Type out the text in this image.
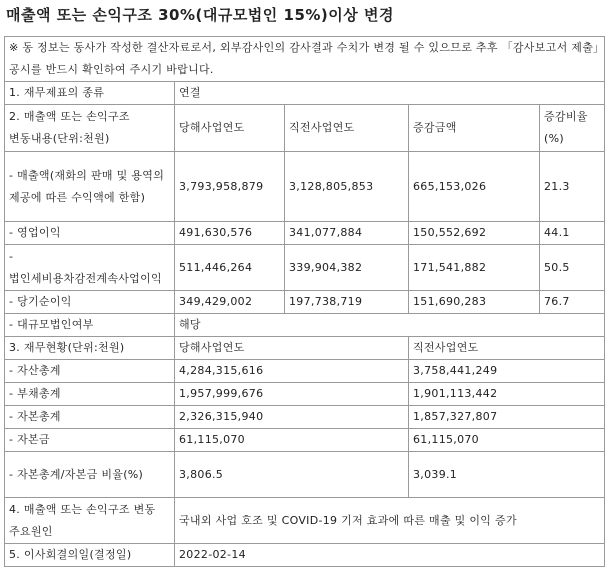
매출액 또는 손익구조 30%(대규모법인 15%)이상 변경
※ 동 정보는 동사가 작성한 결산자료로서, 외부감사인의 감사결과 수치가 변경 될 수 있으므로 추후 「감사보고서 제출」공시를 반드시 확인하여 주시기 바랍니다.				
1. 재무제표의 종류	연결			
2. 매출액 또는 손익구조 변동내용(단위:천원)	당해사업연도	직전사업연도	증감금액	증감비율(%)
- 매출액(재화의 판매 및 용역의 제공에 따른 수익액에 한함)	3,793,958,879	3,128,805,853	665,153,026	21.3
- 영업이익	491,630,576	341,077,884	150,552,692	44.1
- 법인세비용차감전계속사업이익	511,446,264	339,904,382	171,541,882	50.5
- 당기순이익	349,429,002	197,738,719	151,690,283	76.7
- 대규모법인여부	해당			
3. 재무현황(단위:천원)	당해사업연도		직전사업연도	
- 자산총계	4,284,315,616		3,758,441,249	
- 부채총계	1,957,999,676		1,901,113,442	
- 자본총계	2,326,315,940		1,857,327,807	
- 자본금	61,115,070		61,115,070	
- 자본총계/자본금 비율(%)	3,806.5		3,039.1	
4. 매출액 또는 손익구조 변동 주요원인	국내외 사업 호조 및 COVID-19 기저 효과에 따른 매출 및 이익 증가			
5. 이사회결의일(결정일)	2022-02-14			
